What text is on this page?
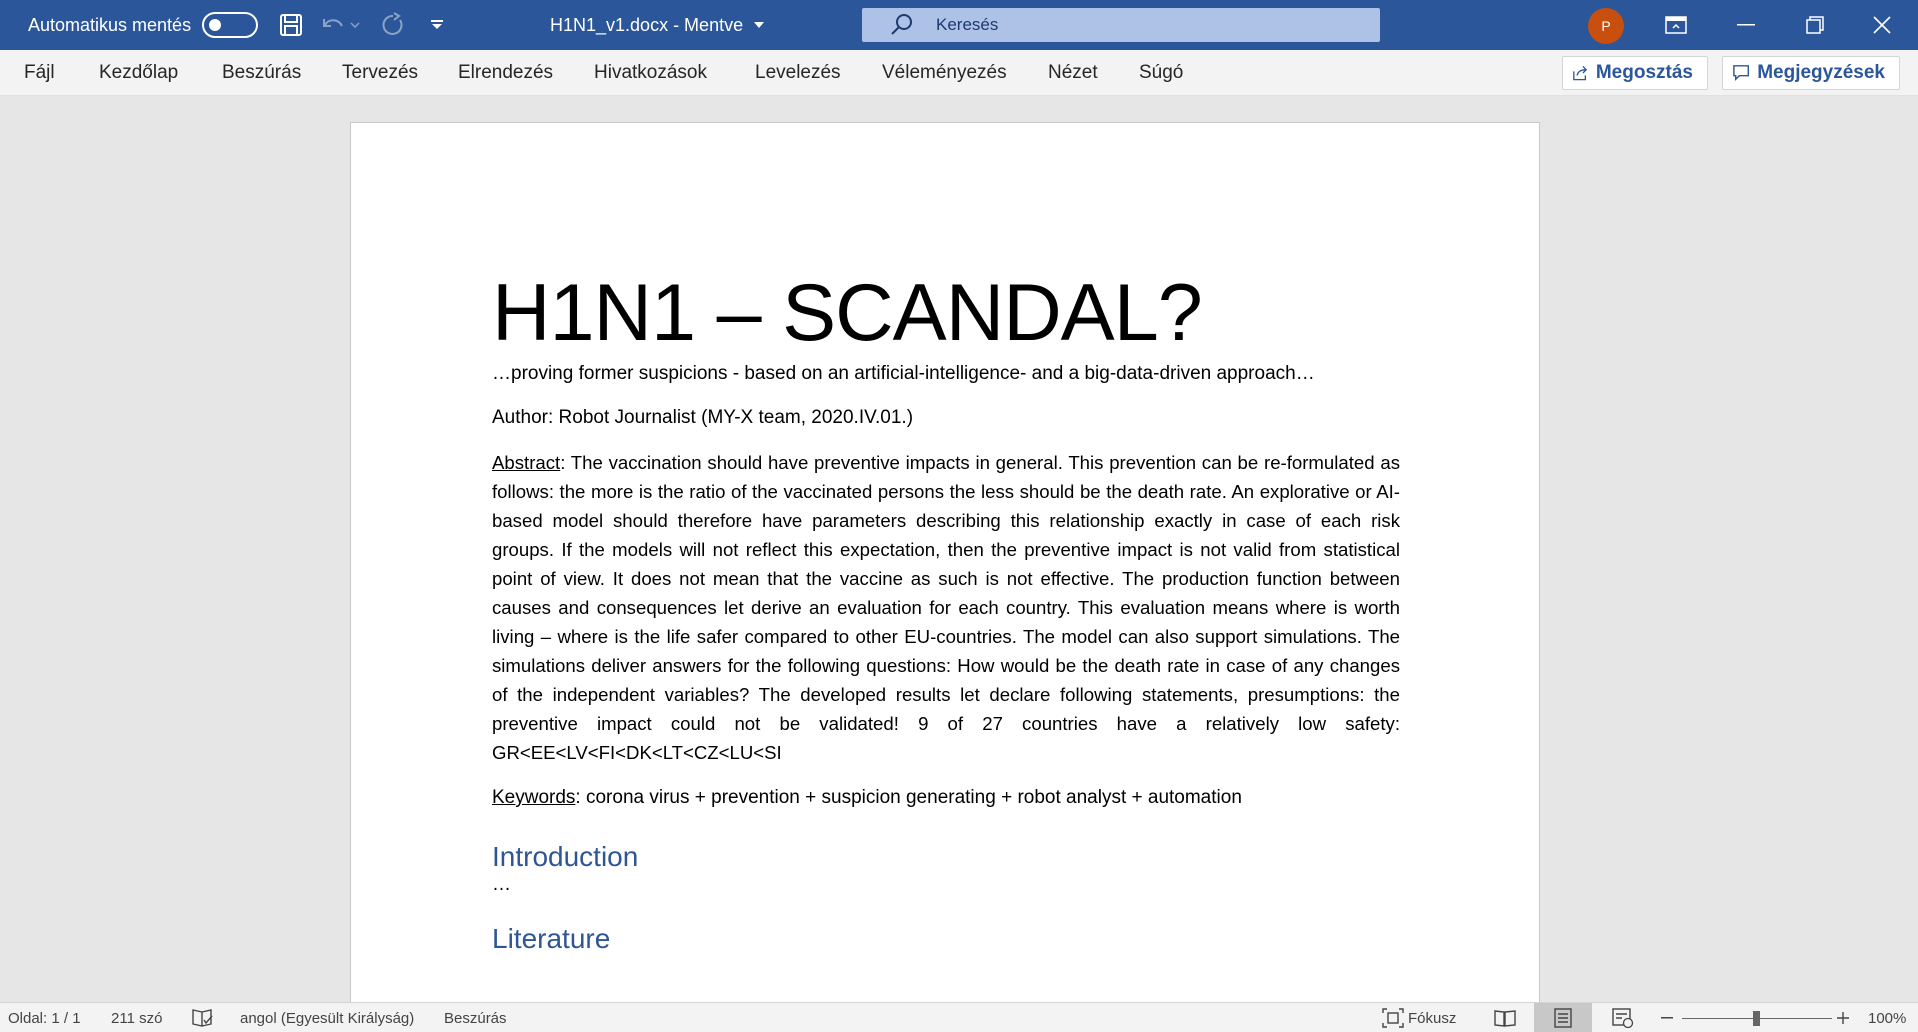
Automatikus mentés	H1N1_v1.docx - Mentve	Keresés	P
Fájl Kezdőlap Beszúrás Tervezés Elrendezés Hivatkozások	Levelezés Véleményezés Nézet Súgó	Megosztás	Megjegyzések
H1N1 – SCANDAL?
…proving former suspicions - based on an artificial-intelligence- and a big-data-driven approach…
Author: Robot Journalist (MY-X team, 2020.IV.01.)
Abstract: The vaccination should have preventive impacts in general. This prevention can be re-formulated as follows: the more is the ratio of the vaccinated persons the less should be the death rate. An explorative or AI-based model should therefore have parameters describing this relationship exactly in case of each risk groups. If the models will not reflect this expectation, then the preventive impact is not valid from statistical point of view. It does not mean that the vaccine as such is not effective. The production function between causes and consequences let derive an evaluation for each country. This evaluation means where is worth living – where is the life safer compared to other EU-countries. The model can also support simulations. The simulations deliver answers for the following questions: How would be the death rate in case of any changes of the independent variables? The developed results let declare following statements, presumptions: the preventive impact could not be validated! 9 of 27 countries have a relatively low safety: GR<EE<LV<FI<DK<LT<CZ<LU<SI
Keywords: corona virus + prevention + suspicion generating + robot analyst + automation
Introduction
…
Literature
Oldal: 1 / 1 211 szó	angol (Egyesült Királyság) Beszúrás	Fókusz	100%
